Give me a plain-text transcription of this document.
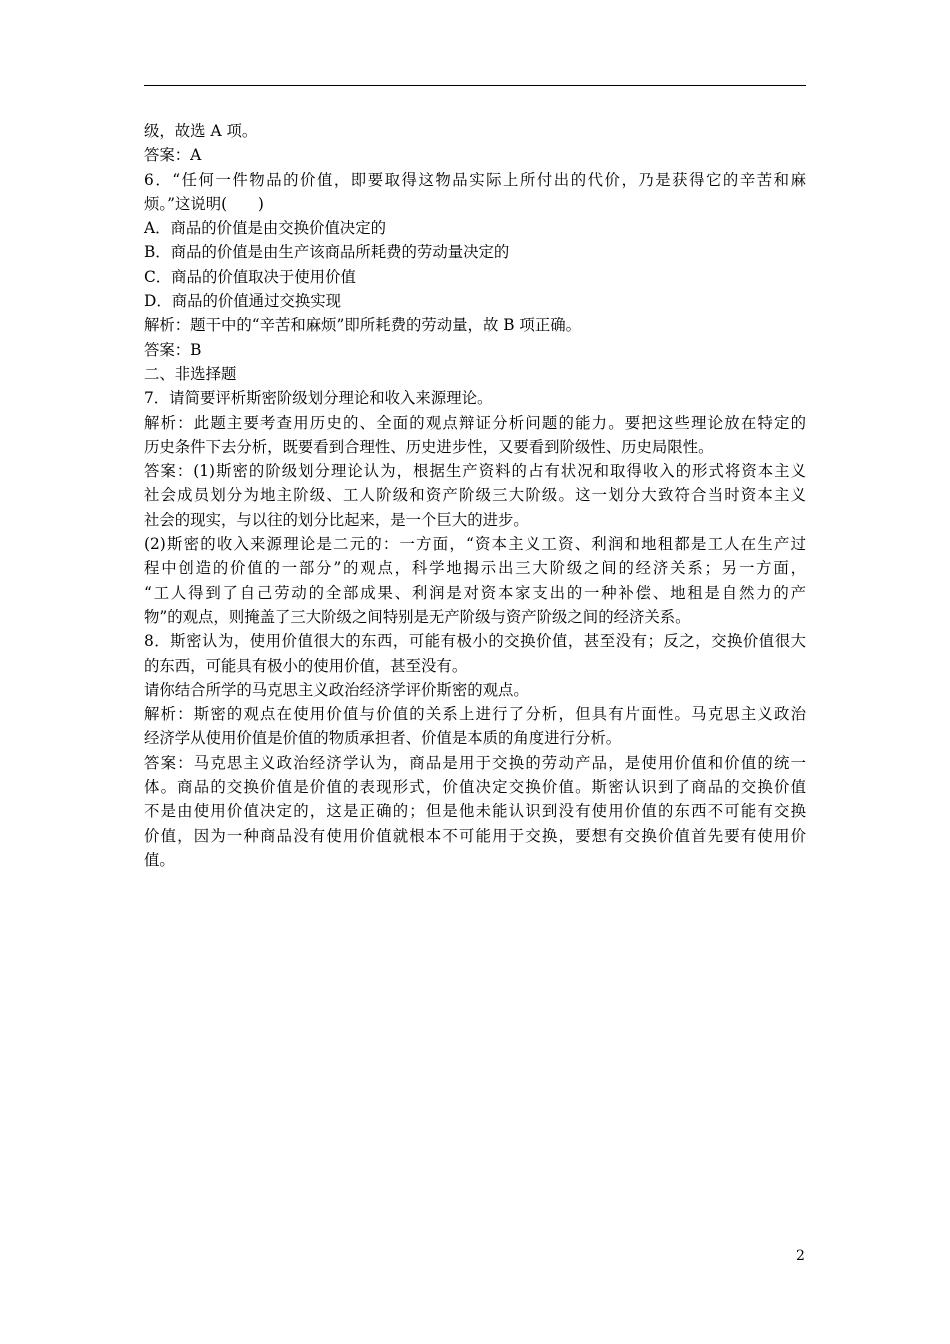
级，故选 A 项。
答案：A
6．“任何一件物品的价值，即要取得这物品实际上所付出的代价，乃是获得它的辛苦和麻
烦。”这说明(　　)
A．商品的价值是由交换价值决定的
B．商品的价值是由生产该商品所耗费的劳动量决定的
C．商品的价值取决于使用价值
D．商品的价值通过交换实现
解析：题干中的“辛苦和麻烦”即所耗费的劳动量，故 B 项正确。
答案：B
二、非选择题
7．请简要评析斯密阶级划分理论和收入来源理论。
解析：此题主要考查用历史的、全面的观点辩证分析问题的能力。要把这些理论放在特定的
历史条件下去分析，既要看到合理性、历史进步性，又要看到阶级性、历史局限性。
答案：(1)斯密的阶级划分理论认为，根据生产资料的占有状况和取得收入的形式将资本主义
社会成员划分为地主阶级、工人阶级和资产阶级三大阶级。这一划分大致符合当时资本主义
社会的现实，与以往的划分比起来，是一个巨大的进步。
(2)斯密的收入来源理论是二元的：一方面，“资本主义工资、利润和地租都是工人在生产过
程中创造的价值的一部分”的观点，科学地揭示出三大阶级之间的经济关系；另一方面，
“工人得到了自己劳动的全部成果、利润是对资本家支出的一种补偿、地租是自然力的产
物”的观点，则掩盖了三大阶级之间特别是无产阶级与资产阶级之间的经济关系。
8．斯密认为，使用价值很大的东西，可能有极小的交换价值，甚至没有；反之，交换价值很大
的东西，可能具有极小的使用价值，甚至没有。
请你结合所学的马克思主义政治经济学评价斯密的观点。
解析：斯密的观点在使用价值与价值的关系上进行了分析，但具有片面性。马克思主义政治
经济学从使用价值是价值的物质承担者、价值是本质的角度进行分析。
答案：马克思主义政治经济学认为，商品是用于交换的劳动产品，是使用价值和价值的统一
体。商品的交换价值是价值的表现形式，价值决定交换价值。斯密认识到了商品的交换价值
不是由使用价值决定的，这是正确的；但是他未能认识到没有使用价值的东西不可能有交换
价值，因为一种商品没有使用价值就根本不可能用于交换，要想有交换价值首先要有使用价
值。
2
